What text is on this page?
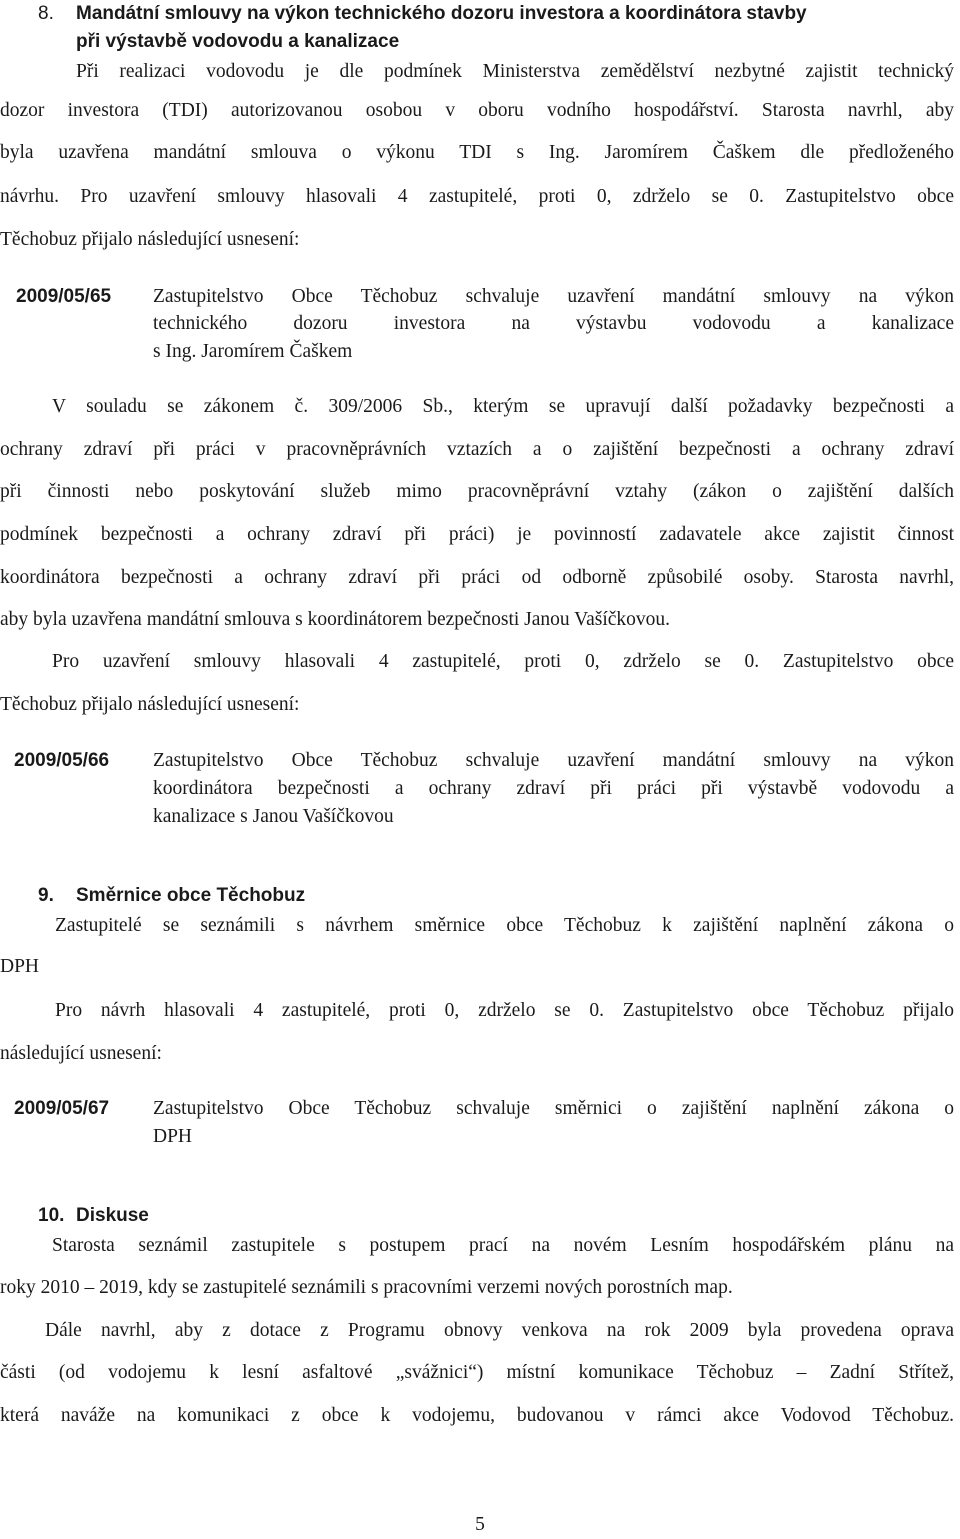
8. Mandátní smlouvy na výkon technického dozoru investora a koordinátora stavby
při výstavbě vodovodu a kanalizace
Při realizaci vodovodu je dle podmínek Ministerstva zemědělství nezbytné zajistit technický
dozor investora (TDI) autorizovanou osobou v oboru vodního hospodářství. Starosta navrhl, aby
byla uzavřena mandátní smlouva o výkonu TDI s Ing. Jaromírem Čaškem dle předloženého
návrhu. Pro uzavření smlouvy hlasovali 4 zastupitelé, proti 0, zdrželo se 0. Zastupitelstvo obce
Těchobuz přijalo následující usnesení:
2009/05/65 Zastupitelstvo Obce Těchobuz schvaluje uzavření mandátní smlouvy na výkon
technického dozoru investora na výstavbu vodovodu a kanalizace
s Ing. Jaromírem Čaškem
V souladu se zákonem č. 309/2006 Sb., kterým se upravují další požadavky bezpečnosti a
ochrany zdraví při práci v pracovněprávních vztazích a o zajištění bezpečnosti a ochrany zdraví
při činnosti nebo poskytování služeb mimo pracovněprávní vztahy (zákon o zajištění dalších
podmínek bezpečnosti a ochrany zdraví při práci) je povinností zadavatele akce zajistit činnost
koordinátora bezpečnosti a ochrany zdraví při práci od odborně způsobilé osoby. Starosta navrhl,
aby byla uzavřena mandátní smlouva s koordinátorem bezpečnosti Janou Vašíčkovou.
Pro uzavření smlouvy hlasovali 4 zastupitelé, proti 0, zdrželo se 0. Zastupitelstvo obce
Těchobuz přijalo následující usnesení:
2009/05/66 Zastupitelstvo Obce Těchobuz schvaluje uzavření mandátní smlouvy na výkon
koordinátora bezpečnosti a ochrany zdraví při práci při výstavbě vodovodu a
kanalizace s Janou Vašíčkovou
9. Směrnice obce Těchobuz
Zastupitelé se seznámili s návrhem směrnice obce Těchobuz k zajištění naplnění zákona o
DPH
Pro návrh hlasovali 4 zastupitelé, proti 0, zdrželo se 0. Zastupitelstvo obce Těchobuz přijalo
následující usnesení:
2009/05/67 Zastupitelstvo Obce Těchobuz schvaluje směrnici o zajištění naplnění zákona o
DPH
10. Diskuse
Starosta seznámil zastupitele s postupem prací na novém Lesním hospodářském plánu na
roky 2010 – 2019, kdy se zastupitelé seznámili s pracovními verzemi nových porostních map.
Dále navrhl, aby z dotace z Programu obnovy venkova na rok 2009 byla provedena oprava
části (od vodojemu k lesní asfaltové „svážnici“) místní komunikace Těchobuz – Zadní Střítež,
která naváže na komunikaci z obce k vodojemu, budovanou v rámci akce Vodovod Těchobuz.
5
